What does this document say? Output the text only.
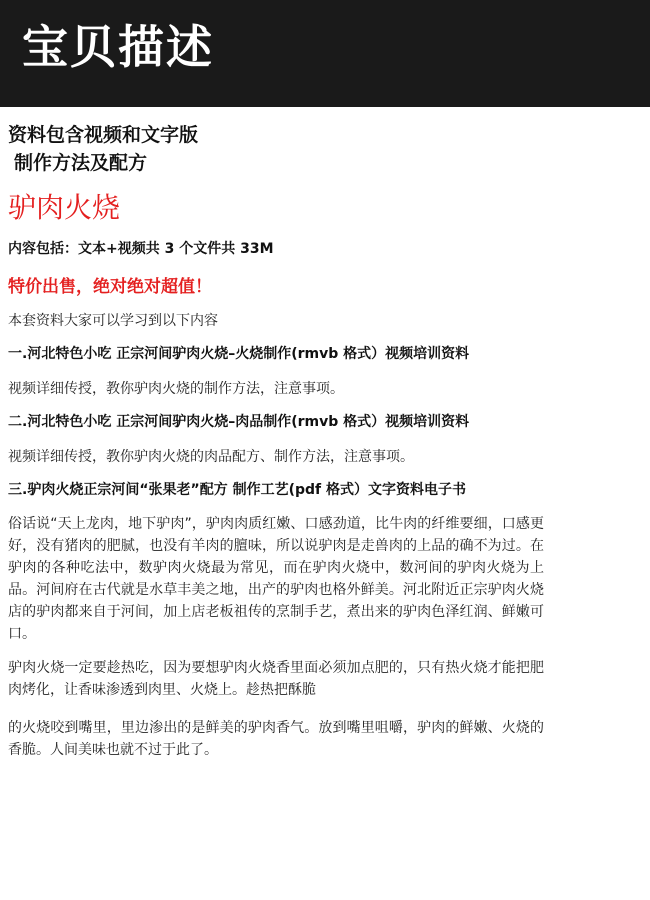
宝贝描述
资料包含视频和文字版
制作方法及配方
驴肉火烧
内容包括：文本+视频共 3 个文件共 33M
特价出售，绝对绝对超值！
本套资料大家可以学习到以下内容
一.河北特色小吃 正宗河间驴肉火烧–火烧制作(rmvb 格式）视频培训资料
视频详细传授，教你驴肉火烧的制作方法，注意事项。
二.河北特色小吃 正宗河间驴肉火烧–肉品制作(rmvb 格式）视频培训资料
视频详细传授，教你驴肉火烧的肉品配方、制作方法，注意事项。
三.驴肉火烧正宗河间“张果老”配方 制作工艺(pdf 格式）文字资料电子书
俗话说“天上龙肉，地下驴肉”，驴肉肉质红嫩、口感劲道，比牛肉的纤维要细，口感更好，没有猪肉的肥腻，也没有羊肉的膻味，所以说驴肉是走兽肉的上品的确不为过。在驴肉的各种吃法中，数驴肉火烧最为常见，而在驴肉火烧中，数河间的驴肉火烧为上品。河间府在古代就是水草丰美之地，出产的驴肉也格外鲜美。河北附近正宗驴肉火烧店的驴肉都来自于河间，加上店老板祖传的烹制手艺，煮出来的驴肉色泽红润、鲜嫩可口。
驴肉火烧一定要趁热吃，因为要想驴肉火烧香里面必须加点肥的，只有热火烧才能把肥肉烤化，让香味渗透到肉里、火烧上。趁热把酥脆
的火烧咬到嘴里，里边渗出的是鲜美的驴肉香气。放到嘴里咀嚼，驴肉的鲜嫩、火烧的香脆。人间美味也就不过于此了。
